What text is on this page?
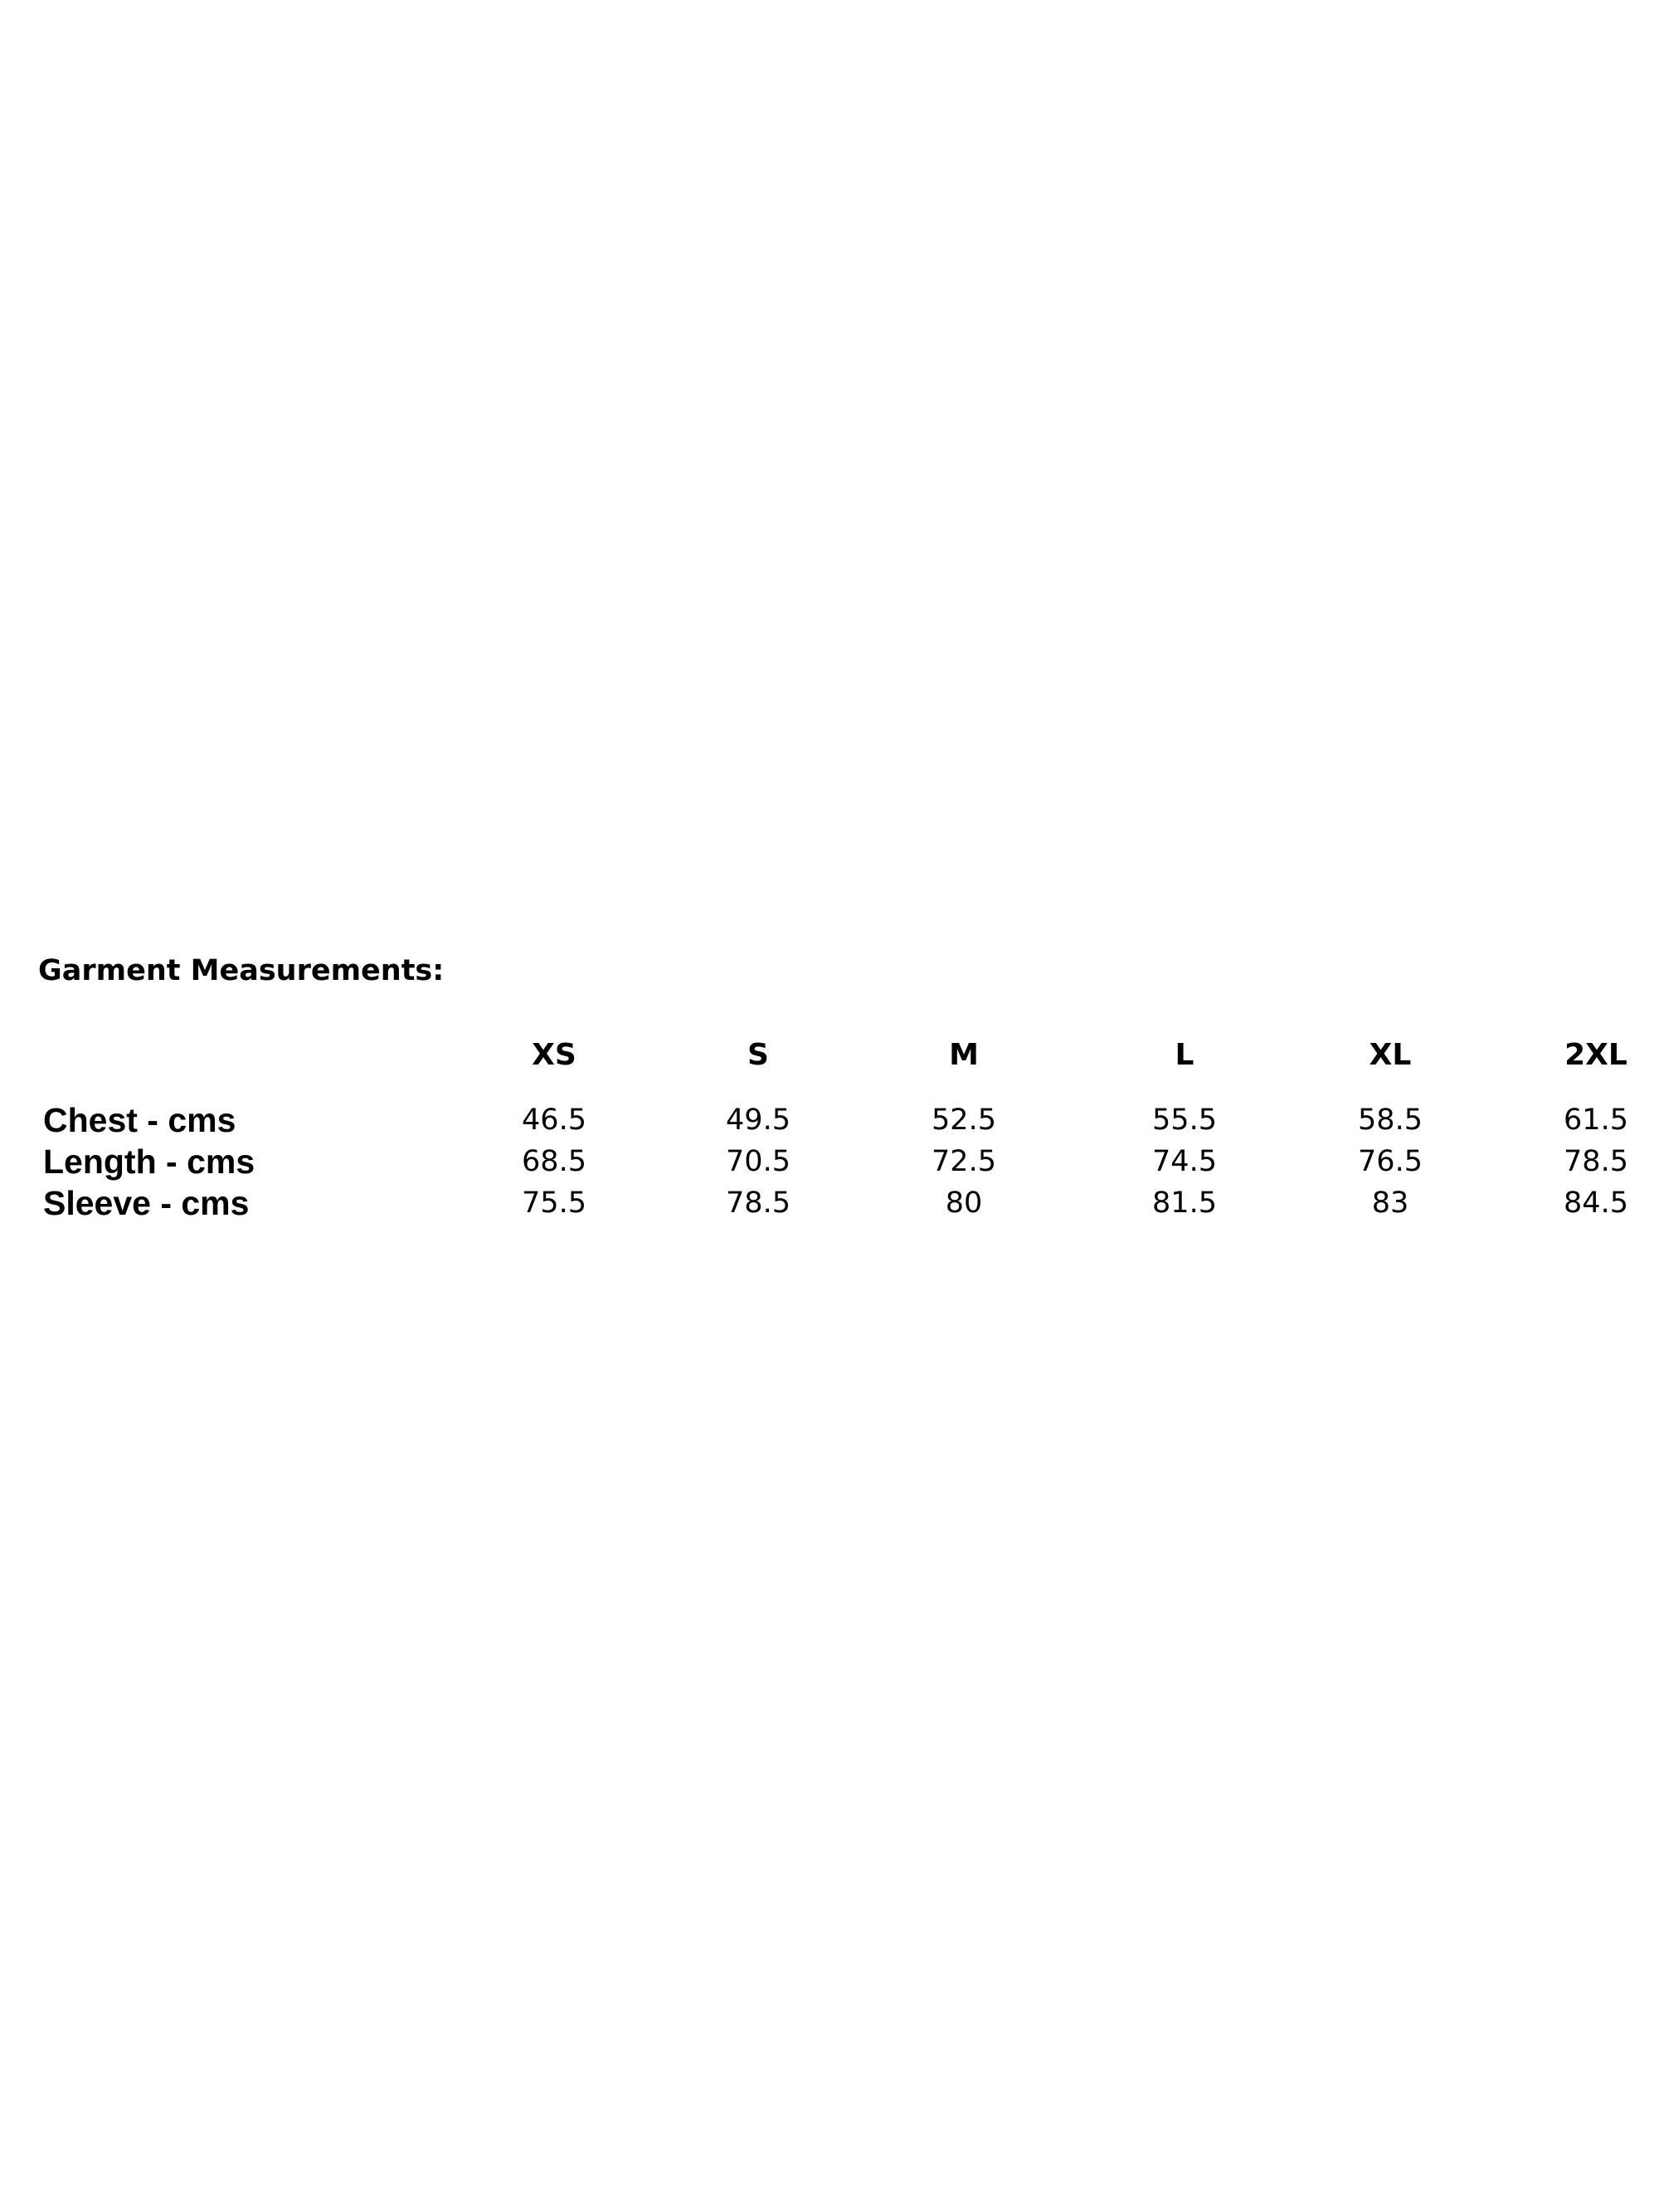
Garment Measurements:
XS	S	M	L	XL	2XL
Chest - cms	46.5	49.5	52.5	55.5	58.5	61.5
Length - cms	68.5	70.5	72.5	74.5	76.5	78.5
Sleeve - cms	75.5	78.5	80	81.5	83	84.5
